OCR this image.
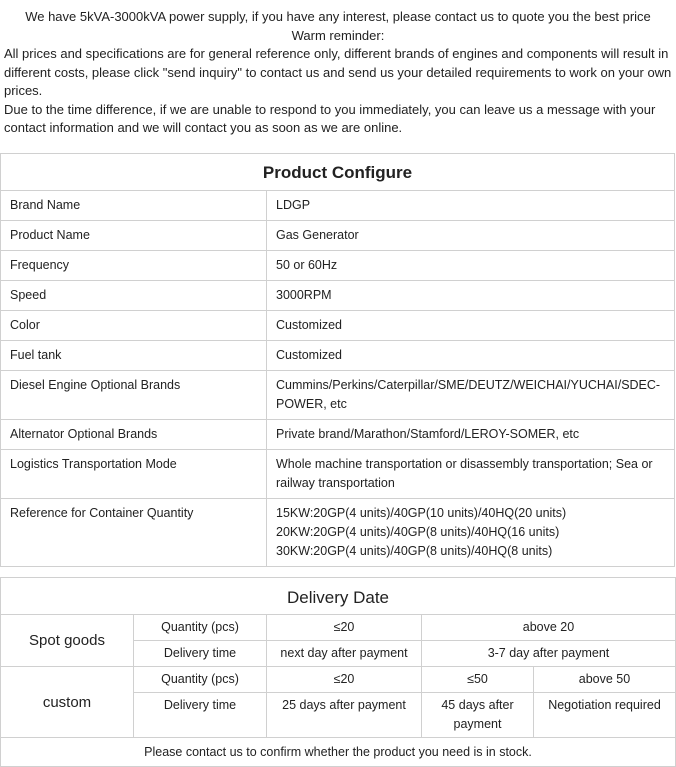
We have 5kVA-3000kVA power supply, if you have any interest, please contact us to quote you the best price

Warm reminder:

All prices and specifications are for general reference only, different brands of engines and components will result in different costs, please click "send inquiry" to contact us and send us your detailed requirements to work on your own prices.

Due to the time difference, if we are unable to respond to you immediately, you can leave us a message with your contact information and we will contact you as soon as we are online.

Product Configure	
Brand Name	LDGP
Product Name	Gas Generator
Frequency	50 or 60Hz
Speed	3000RPM
Color	Customized
Fuel tank	Customized
Diesel Engine Optional Brands	Cummins/Perkins/Caterpillar/SME/DEUTZ/WEICHAI/YUCHAI/SDEC-POWER, etc
Alternator Optional Brands	Private brand/Marathon/Stamford/LEROY-SOMER, etc
Logistics Transportation Mode	Whole machine transportation or disassembly transportation; Sea or railway transportation
Reference for Container Quantity	15KW:20GP(4 units)/40GP(10 units)/40HQ(20 units)
20KW:20GP(4 units)/40GP(8 units)/40HQ(16 units)
30KW:20GP(4 units)/40GP(8 units)/40HQ(8 units)
Delivery Date				
Spot goods	Quantity (pcs)	≤20	above 20	
	Delivery time	next day after payment	3-7 day after payment	
custom	Quantity (pcs)	≤20	≤50	above 50
	Delivery time	25 days after payment	45 days after payment	Negotiation required
Please contact us to confirm whether the product you need is in stock.				
